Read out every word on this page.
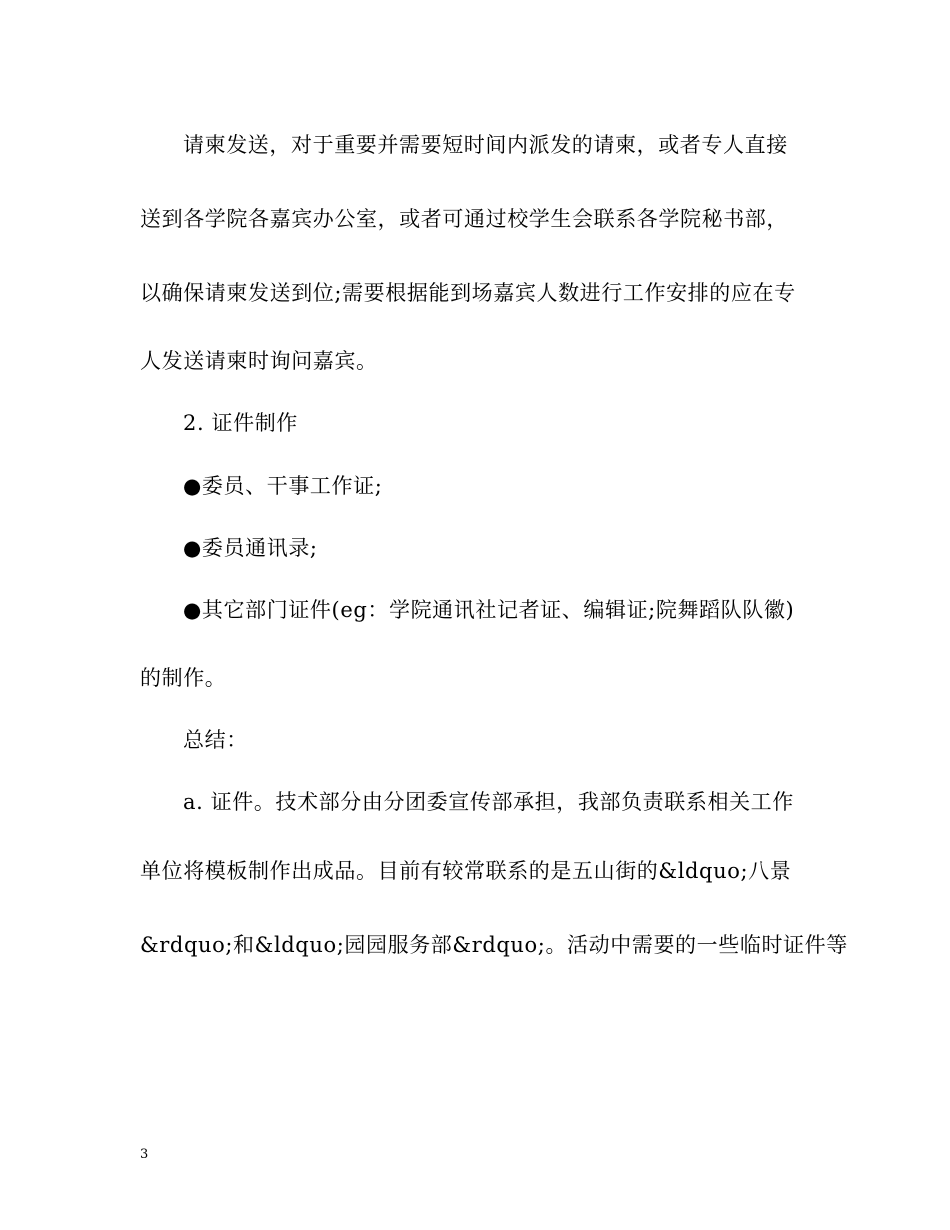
请柬发送，对于重要并需要短时间内派发的请柬，或者专人直接
送到各学院各嘉宾办公室，或者可通过校学生会联系各学院秘书部，
以确保请柬发送到位;需要根据能到场嘉宾人数进行工作安排的应在专
人发送请柬时询问嘉宾。
2. 证件制作
●委员、干事工作证;
●委员通讯录;
●其它部门证件(eg：学院通讯社记者证、编辑证;院舞蹈队队徽)
的制作。
总结：
a. 证件。技术部分由分团委宣传部承担，我部负责联系相关工作
单位将模板制作出成品。目前有较常联系的是五山街的&ldquo;八景
&rdquo;和&ldquo;园园服务部&rdquo;。活动中需要的一些临时证件等
3
